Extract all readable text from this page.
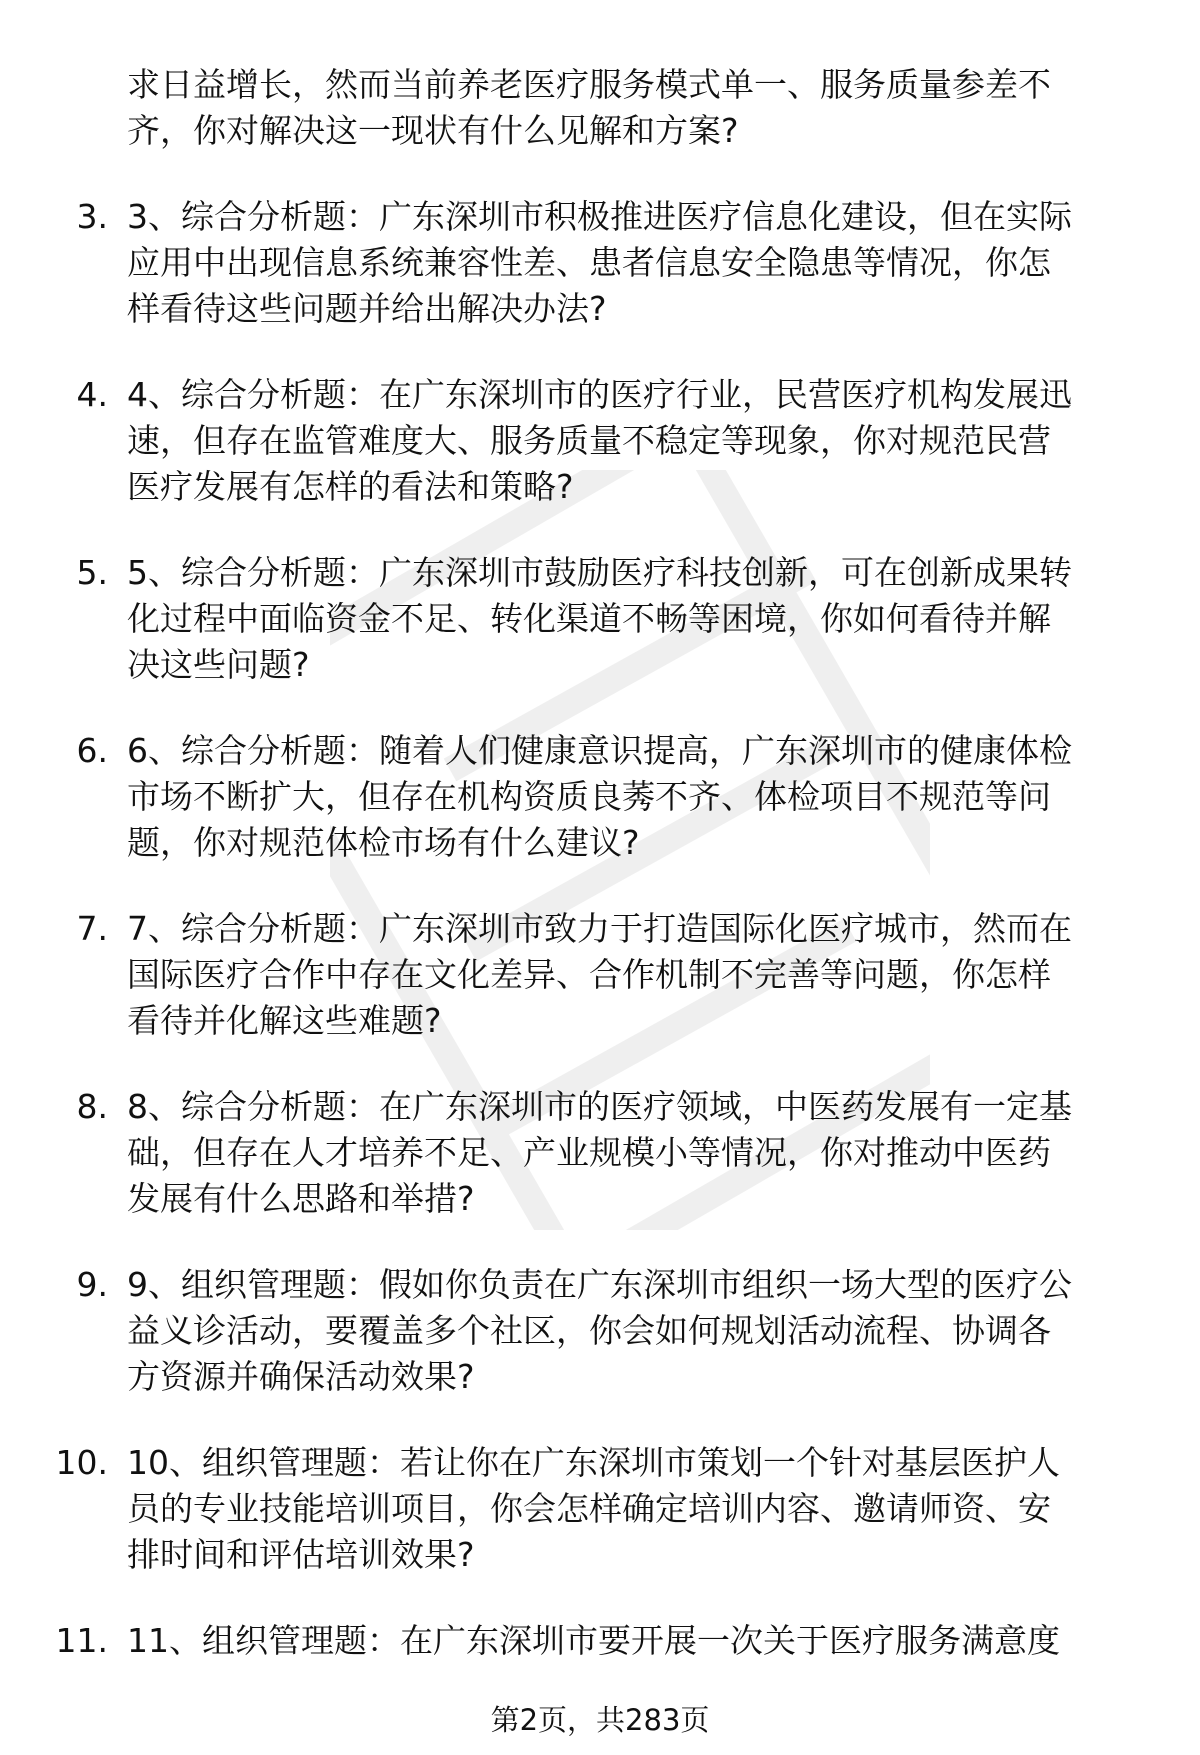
求日益增长，然而当前养老医疗服务模式单一、服务质量参差不
齐，你对解决这一现状有什么见解和方案?
3. 3、综合分析题：广东深圳市积极推进医疗信息化建设，但在实际
应用中出现信息系统兼容性差、患者信息安全隐患等情况，你怎
样看待这些问题并给出解决办法?
4. 4、综合分析题：在广东深圳市的医疗行业，民营医疗机构发展迅
速，但存在监管难度大、服务质量不稳定等现象，你对规范民营
医疗发展有怎样的看法和策略?
5. 5、综合分析题：广东深圳市鼓励医疗科技创新，可在创新成果转
化过程中面临资金不足、转化渠道不畅等困境，你如何看待并解
决这些问题?
6. 6、综合分析题：随着人们健康意识提高，广东深圳市的健康体检
市场不断扩大，但存在机构资质良莠不齐、体检项目不规范等问
题，你对规范体检市场有什么建议?
7. 7、综合分析题：广东深圳市致力于打造国际化医疗城市，然而在
国际医疗合作中存在文化差异、合作机制不完善等问题，你怎样
看待并化解这些难题?
8. 8、综合分析题：在广东深圳市的医疗领域，中医药发展有一定基
础，但存在人才培养不足、产业规模小等情况，你对推动中医药
发展有什么思路和举措?
9. 9、组织管理题：假如你负责在广东深圳市组织一场大型的医疗公
益义诊活动，要覆盖多个社区，你会如何规划活动流程、协调各
方资源并确保活动效果?
10. 10、组织管理题：若让你在广东深圳市策划一个针对基层医护人
员的专业技能培训项目，你会怎样确定培训内容、邀请师资、安
排时间和评估培训效果?
11. 11、组织管理题：在广东深圳市要开展一次关于医疗服务满意度
第2页，共283页
